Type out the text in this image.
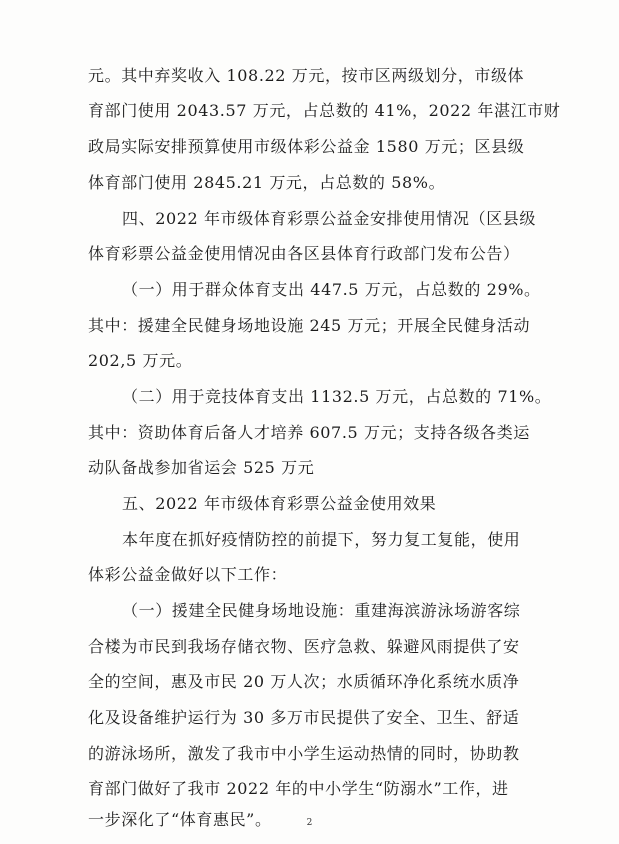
元。其中弃奖收入 108.22 万元，按市区两级划分，市级体
育部门使用 2043.57 万元，占总数的 41%，2022 年湛江市财
政局实际安排预算使用市级体彩公益金 1580 万元；区县级
体育部门使用 2845.21 万元，占总数的 58%。
四、2022 年市级体育彩票公益金安排使用情况（区县级
体育彩票公益金使用情况由各区县体育行政部门发布公告）
（一）用于群众体育支出 447.5 万元，占总数的 29%。
其中：援建全民健身场地设施 245 万元；开展全民健身活动
202,5 万元。
（二）用于竞技体育支出 1132.5 万元，占总数的 71%。
其中：资助体育后备人才培养 607.5 万元；支持各级各类运
动队备战参加省运会 525 万元
五、2022 年市级体育彩票公益金使用效果
本年度在抓好疫情防控的前提下，努力复工复能，使用
体彩公益金做好以下工作：
（一）援建全民健身场地设施：重建海滨游泳场游客综
合楼为市民到我场存储衣物、医疗急救、躲避风雨提供了安
全的空间，惠及市民 20 万人次；水质循环净化系统水质净
化及设备维护运行为 30 多万市民提供了安全、卫生、舒适
的游泳场所，激发了我市中小学生运动热情的同时，协助教
育部门做好了我市 2022 年的中小学生“防溺水”工作，进
一步深化了“体育惠民”。	2
